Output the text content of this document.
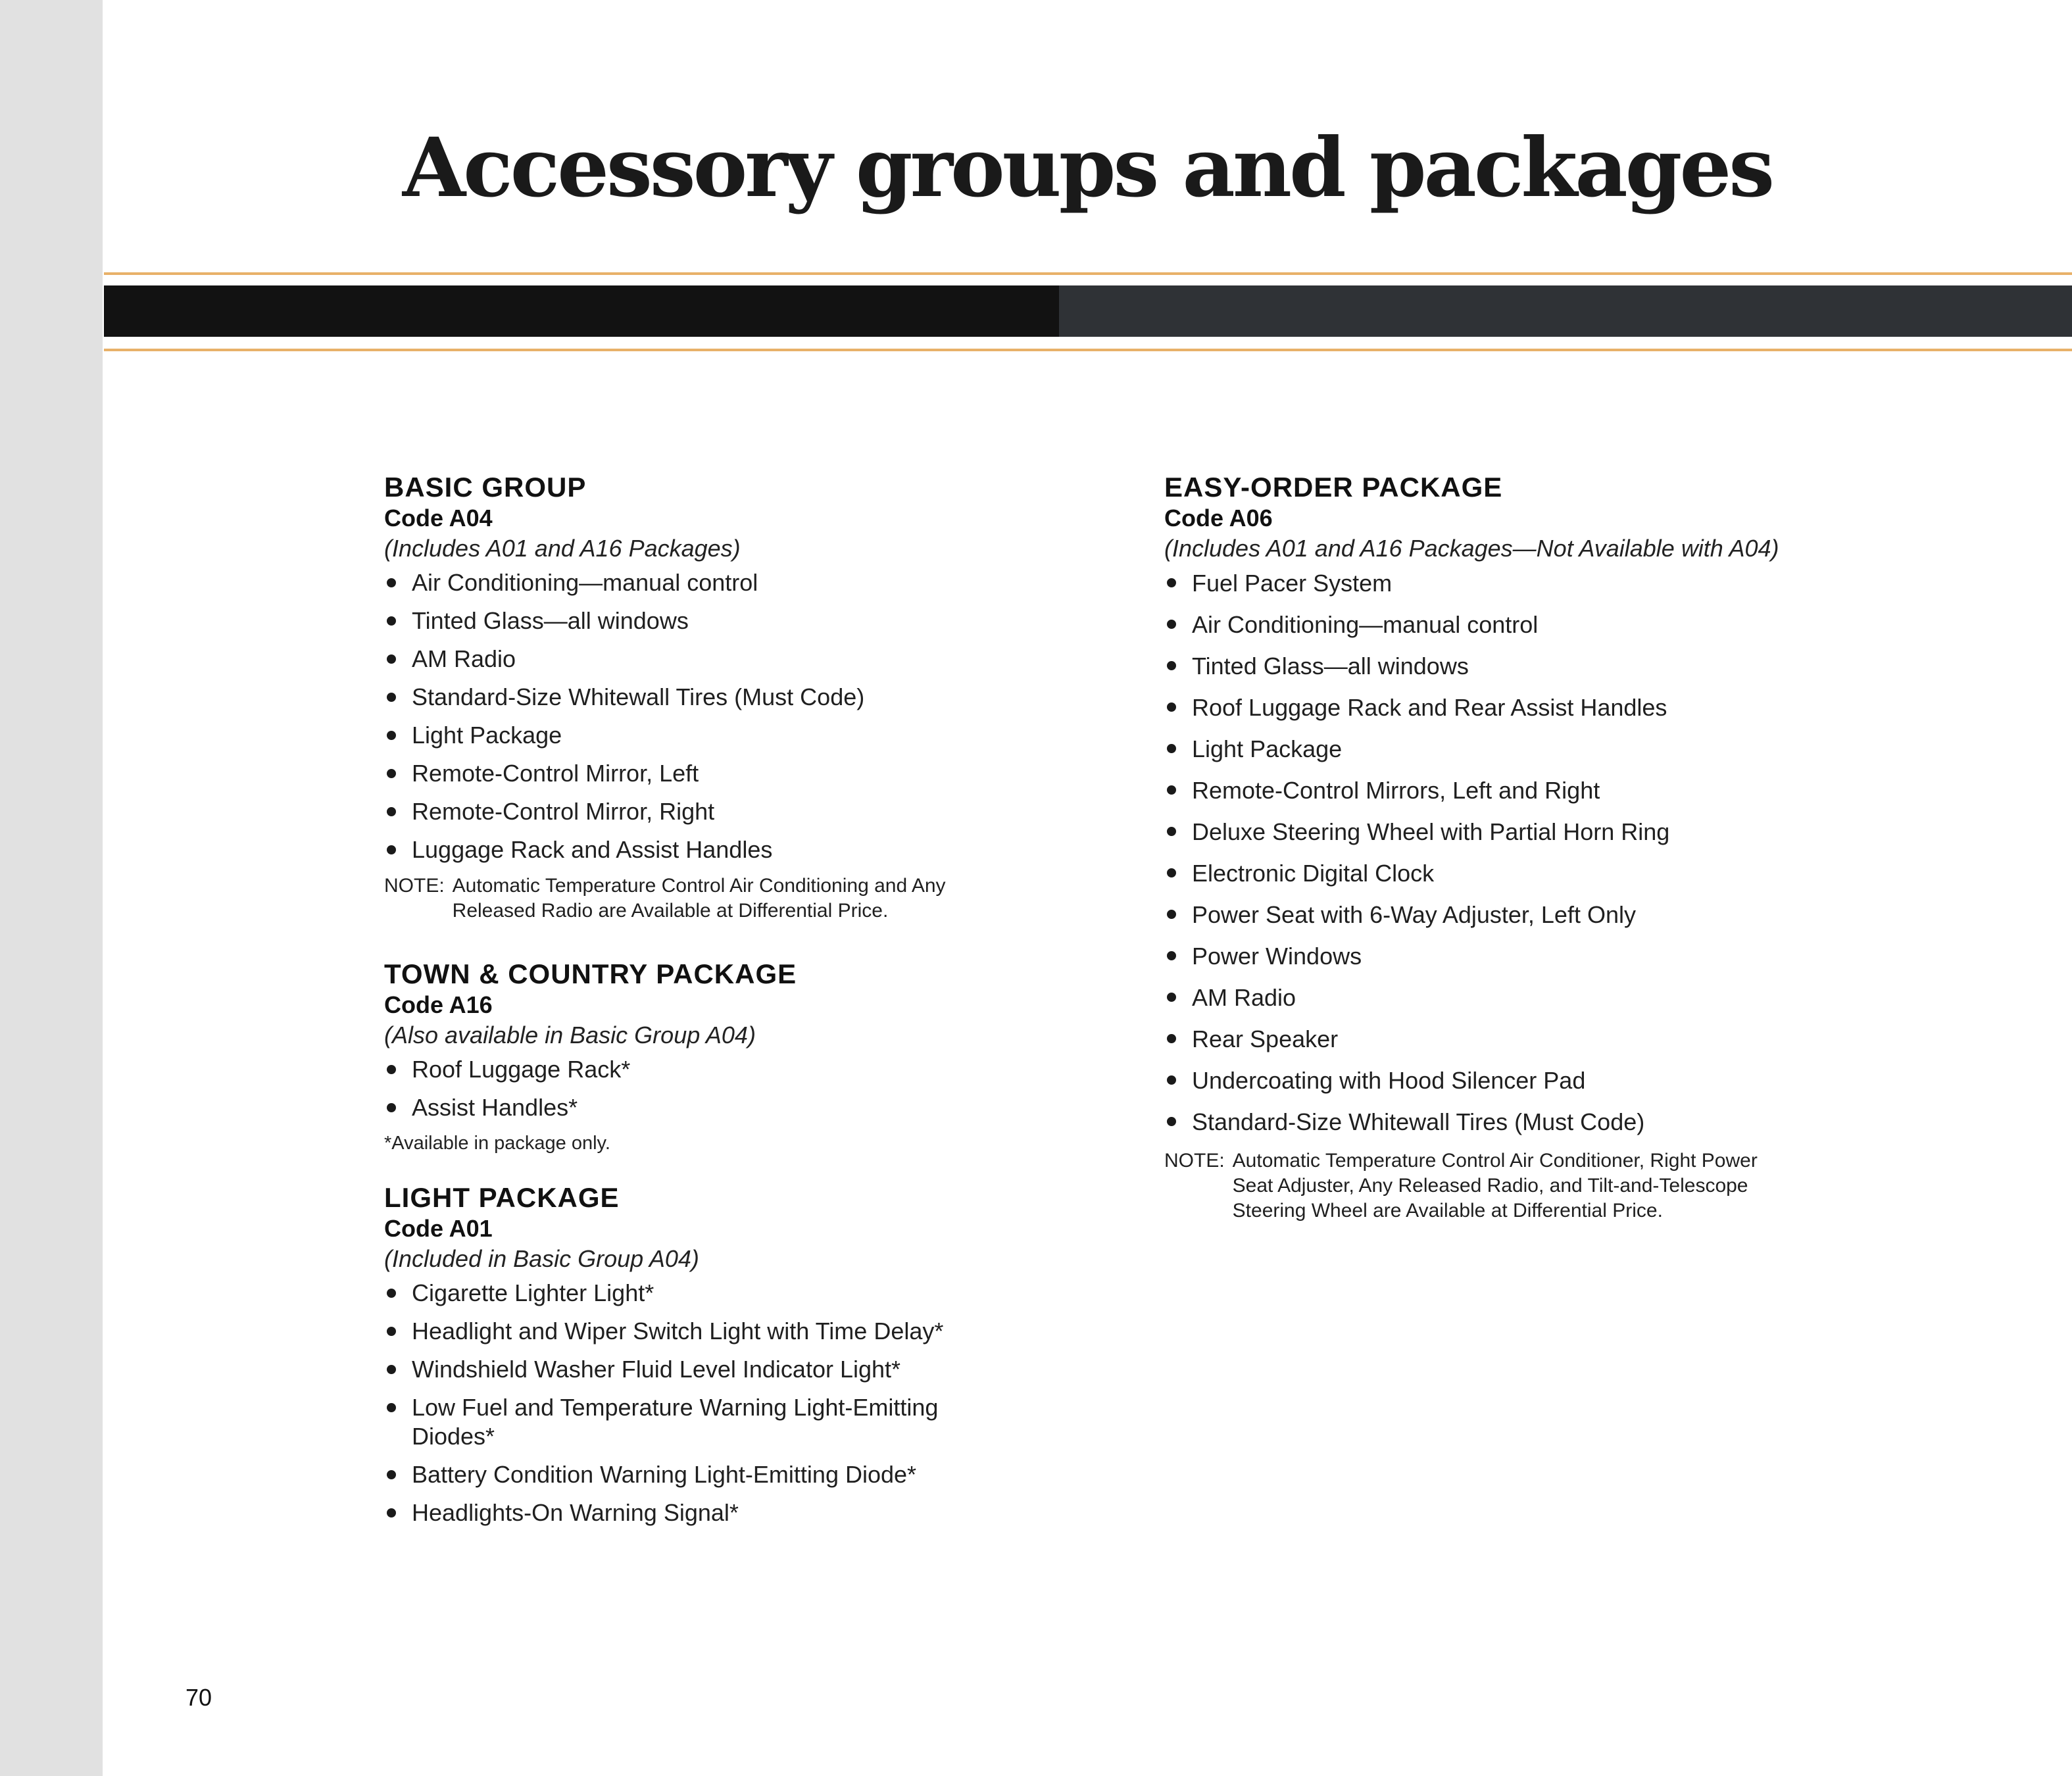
Accessory groups and packages

BASIC GROUP

Code A04

(Includes A01 and A16 Packages)

Air Conditioning—manual control
Tinted Glass—all windows
AM Radio
Standard-Size Whitewall Tires (Must Code)
Light Package
Remote-Control Mirror, Left
Remote-Control Mirror, Right
Luggage Rack and Assist Handles
NOTE: Automatic Temperature Control Air Conditioning and Any Released Radio are Available at Differential Price.

TOWN & COUNTRY PACKAGE

Code A16

(Also available in Basic Group A04)

Roof Luggage Rack*
Assist Handles*

*Available in package only.

LIGHT PACKAGE

Code A01

(Included in Basic Group A04)

Cigarette Lighter Light*
Headlight and Wiper Switch Light with Time Delay*
Windshield Washer Fluid Level Indicator Light*
Low Fuel and Temperature Warning Light-Emitting Diodes*
Battery Condition Warning Light-Emitting Diode*
Headlights-On Warning Signal*

EASY-ORDER PACKAGE

Code A06

(Includes A01 and A16 Packages—Not Available with A04)

Fuel Pacer System
Air Conditioning—manual control
Tinted Glass—all windows
Roof Luggage Rack and Rear Assist Handles
Light Package
Remote-Control Mirrors, Left and Right
Deluxe Steering Wheel with Partial Horn Ring
Electronic Digital Clock
Power Seat with 6-Way Adjuster, Left Only
Power Windows
AM Radio
Rear Speaker
Undercoating with Hood Silencer Pad
Standard-Size Whitewall Tires (Must Code)
NOTE: Automatic Temperature Control Air Conditioner, Right Power Seat Adjuster, Any Released Radio, and Tilt-and-Telescope Steering Wheel are Available at Differential Price.
70
